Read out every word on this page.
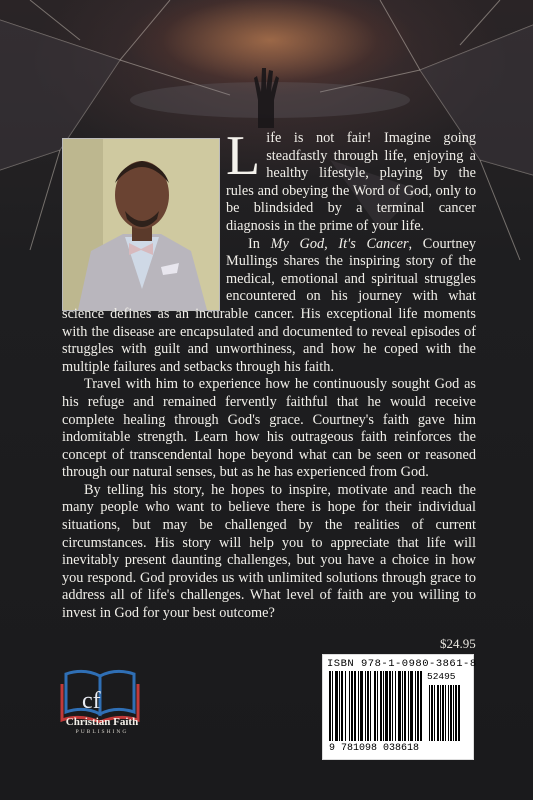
Life is not fair! Imagine going steadfastly through life, enjoying a healthy lifestyle, playing by the rules and obeying the Word of God, only to be blindsided by a terminal cancer diagnosis in the prime of your life.

In My God, It's Cancer, Courtney Mullings shares the inspiring story of the medical, emotional and spiritual struggles encountered on his journey with what science defines as an incurable cancer. His exceptional life moments with the disease are encapsulated and documented to reveal episodes of struggles with guilt and unworthiness, and how he coped with the multiple failures and setbacks through his faith.

Travel with him to experience how he continuously sought God as his refuge and remained fervently faithful that he would receive complete healing through God's grace. Courtney's faith gave him indomitable strength. Learn how his outrageous faith reinforces the concept of transcendental hope beyond what can be seen or reasoned through our natural senses, but as he has experienced from God.

By telling his story, he hopes to inspire, motivate and reach the many people who want to believe there is hope for their individual situations, but may be challenged by the realities of current circumstances. His story will help you to appreciate that life will inevitably present daunting challenges, but you have a choice in how you respond. God provides us with unlimited solutions through grace to address all of life's challenges. What level of faith are you willing to invest in God for your best outcome?

cf
Christian Faith
PUBLISHING
$24.95
ISBN 978-1-0980-3861-8
52495
9 781098 038618
